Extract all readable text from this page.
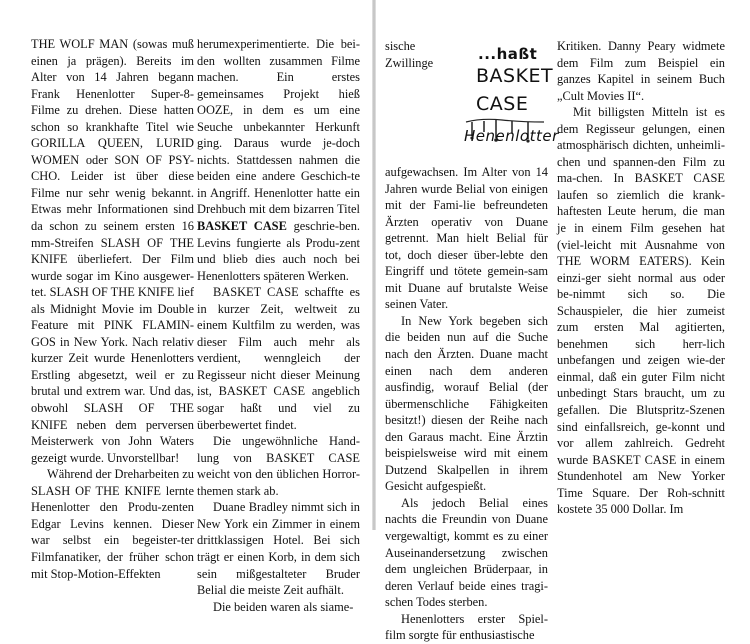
THE WOLF MAN (sowas muß einen ja prägen). Bereits im Alter von 14 Jahren begann Frank Henenlotter Super-8-Filme zu drehen. Diese hatten schon so krankhafte Titel wie GORILLA QUEEN, LURID WOMEN oder SON OF PSY-CHO. Leider ist über diese Filme nur sehr wenig bekannt. Etwas mehr Informationen sind da schon zu seinem ersten 16 mm-Streifen SLASH OF THE KNIFE überliefert. Der Film wurde sogar im Kino ausgewer-tet. SLASH OF THE KNIFE lief als Midnight Movie im Double Feature mit PINK FLAMIN-GOS in New York. Nach relativ kurzer Zeit wurde Henenlotters Erstling abgesetzt, weil er zu brutal und extrem war. Und das, obwohl SLASH OF THE KNIFE neben dem perversen Meisterwerk von John Waters gezeigt wurde. Unvorstellbar!

Während der Dreharbeiten zu SLASH OF THE KNIFE lernte Henenlotter den Produ-zenten Edgar Levins kennen. Dieser war selbst ein begeister-ter Filmfanatiker, der früher schon mit Stop-Motion-Effekten

herumexperimentierte. Die bei-den wollten zusammen Filme machen. Ein erstes gemeinsames Projekt hieß OOZE, in dem es um eine Seuche unbekannter Herkunft ging. Daraus wurde je-doch nichts. Stattdessen nahmen die beiden eine andere Geschich-te in Angriff. Henenlotter hatte ein Drehbuch mit dem bizarren Titel BASKET CASE geschrie-ben. Levins fungierte als Produ-zent und blieb dies auch noch bei Henenlotters späteren Werken.

BASKET CASE schaffte es in kurzer Zeit, weltweit zu einem Kultfilm zu werden, was dieser Film auch mehr als verdient, wenngleich der Regisseur nicht dieser Meinung ist, BASKET CASE angeblich sogar haßt und viel zu überbewertet findet.

Die ungewöhnliche Hand-lung von BASKET CASE weicht von den üblichen Horror-themen stark ab.

Duane Bradley nimmt sich in New York ein Zimmer in einem drittklassigen Hotel. Bei sich trägt er einen Korb, in dem sich sein mißgestalteter Bruder Belial die meiste Zeit aufhält.

Die beiden waren als siame-

...haßt
BASKET
CASE
Henenlotter

sische Zwillinge aufgewachsen. Im Alter von 14 Jahren wurde Belial von einigen mit der Fami-lie befreundeten Ärzten operativ von Duane getrennt. Man hielt Belial für tot, doch dieser über-lebte den Eingriff und tötete gemein-sam mit Duane auf brutalste Weise seinen Vater.

In New York begeben sich die beiden nun auf die Suche nach den Ärzten. Duane macht einen nach dem anderen ausfindig, worauf Belial (der übermenschliche Fähigkeiten besitzt!) diesen der Reihe nach den Garaus macht. Eine Ärztin beispielsweise wird mit einem Dutzend Skalpellen in ihrem Gesicht aufgespießt.

Als jedoch Belial eines nachts die Freundin von Duane vergewaltigt, kommt es zu einer Auseinandersetzung zwischen dem ungleichen Brüderpaar, in deren Verlauf beide eines tragi-schen Todes sterben.

Henenlotters erster Spiel-film sorgte für enthusiastische

Kritiken. Danny Peary widmete dem Film zum Beispiel ein ganzes Kapitel in seinem Buch „Cult Movies II“.

Mit billigsten Mitteln ist es dem Regisseur gelungen, einen atmosphärisch dichten, unheimli-chen und spannen-den Film zu ma-chen. In BASKET CASE laufen so ziemlich die krank-haftesten Leute herum, die man je in einem Film gesehen hat (viel-leicht mit Ausnahme von THE WORM EATERS). Kein einzi-ger sieht normal aus oder be-nimmt sich so. Die Schauspieler, die hier zumeist zum ersten Mal agitierten, benehmen sich herr-lich unbefangen und zeigen wie-der einmal, daß ein guter Film nicht unbedingt Stars braucht, um zu gefallen. Die Blutspritz-Szenen sind einfallsreich, ge-konnt und vor allem zahlreich. Gedreht wurde BASKET CASE in einem Stundenhotel am New Yorker Time Square. Der Roh-schnitt kostete 35 000 Dollar. Im
